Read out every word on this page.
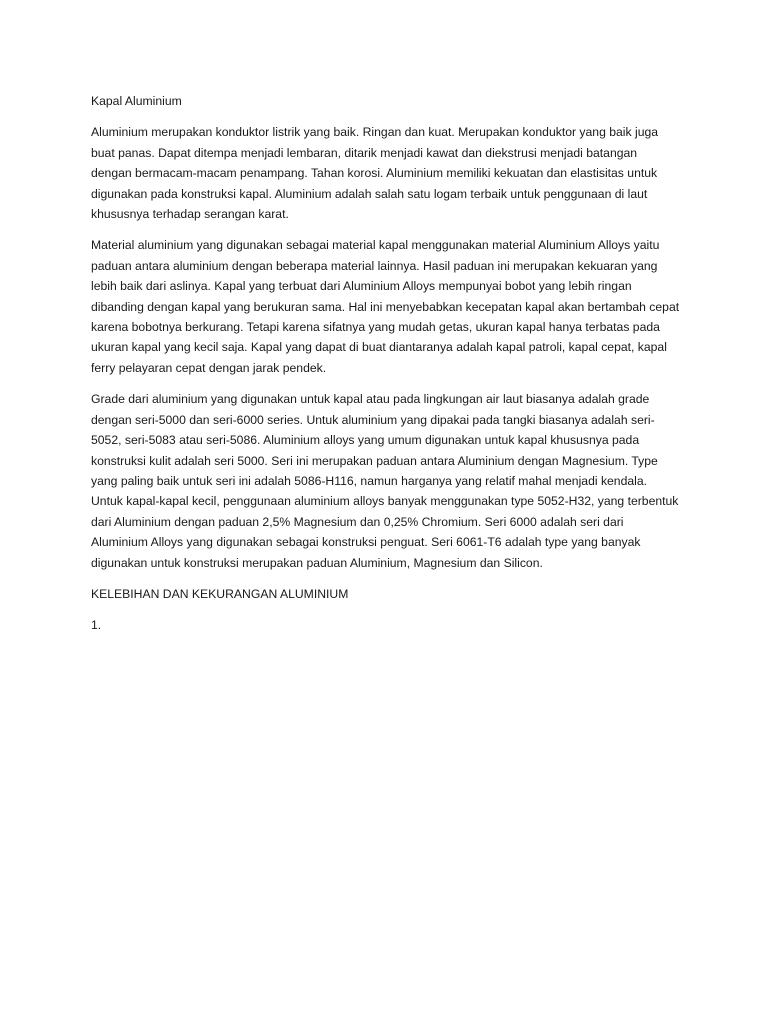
Kapal Aluminium

Aluminium merupakan konduktor listrik yang baik. Ringan dan kuat. Merupakan konduktor yang baik juga buat panas. Dapat ditempa menjadi lembaran, ditarik menjadi kawat dan diekstrusi menjadi batangan dengan bermacam-macam penampang. Tahan korosi. Aluminium memiliki kekuatan dan elastisitas untuk digunakan pada konstruksi kapal. Aluminium adalah salah satu logam terbaik untuk penggunaan di laut khususnya terhadap serangan karat.

Material aluminium yang digunakan sebagai material kapal menggunakan material Aluminium Alloys yaitu paduan antara aluminium dengan beberapa material lainnya. Hasil paduan ini merupakan kekuaran yang lebih baik dari aslinya. Kapal yang terbuat dari Aluminium Alloys mempunyai bobot yang lebih ringan dibanding dengan kapal yang berukuran sama. Hal ini menyebabkan kecepatan kapal akan bertambah cepat karena bobotnya berkurang. Tetapi karena sifatnya yang mudah getas, ukuran kapal hanya terbatas pada ukuran kapal yang kecil saja. Kapal yang dapat di buat diantaranya adalah kapal patroli, kapal cepat, kapal ferry pelayaran cepat dengan jarak pendek.

Grade dari aluminium yang digunakan untuk kapal atau pada lingkungan air laut biasanya adalah grade dengan seri-5000 dan seri-6000 series. Untuk aluminium yang dipakai pada tangki biasanya adalah seri-5052, seri-5083 atau seri-5086. Aluminium alloys yang umum digunakan untuk kapal khususnya pada konstruksi kulit adalah seri 5000. Seri ini merupakan paduan antara Aluminium dengan Magnesium. Type yang paling baik untuk seri ini adalah 5086-H116, namun harganya yang relatif mahal menjadi kendala. Untuk kapal-kapal kecil, penggunaan aluminium alloys banyak menggunakan type 5052-H32, yang terbentuk dari Aluminium dengan paduan 2,5% Magnesium dan 0,25% Chromium. Seri 6000 adalah seri dari Aluminium Alloys yang digunakan sebagai konstruksi penguat. Seri 6061-T6 adalah type yang banyak digunakan untuk konstruksi merupakan paduan Aluminium, Magnesium dan Silicon.

KELEBIHAN DAN KEKURANGAN ALUMINIUM

1.
